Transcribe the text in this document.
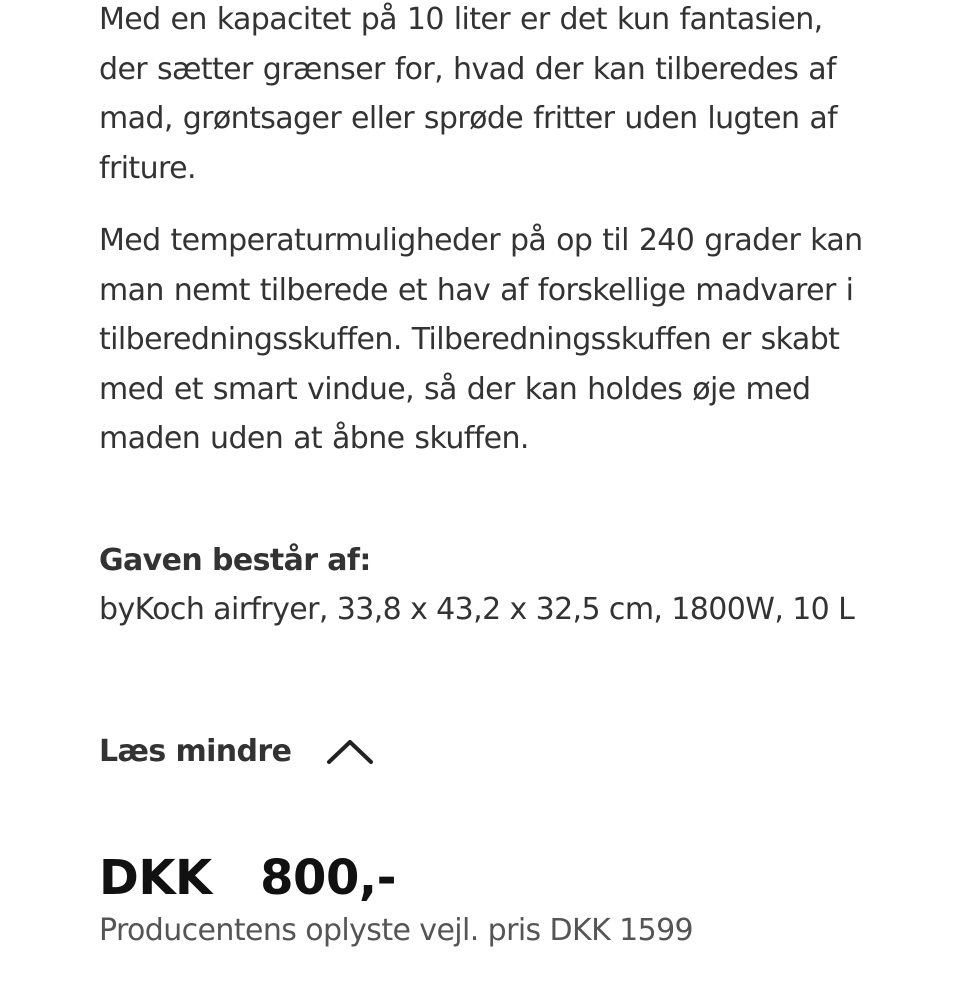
Med en kapacitet på 10 liter er det kun fantasien, der sætter grænser for, hvad der kan tilberedes af mad, grøntsager eller sprøde fritter uden lugten af friture.

Med temperaturmuligheder på op til 240 grader kan man nemt tilberede et hav af forskellige madvarer i tilberedningsskuffen. Tilberedningsskuffen er skabt med et smart vindue, så der kan holdes øje med maden uden at åbne skuffen.

Gaven består af:

byKoch airfryer, 33,8 x 43,2 x 32,5 cm, 1800W, 10 L

Læs mindre
DKK  800,-
Producentens oplyste vejl. pris DKK 1599
